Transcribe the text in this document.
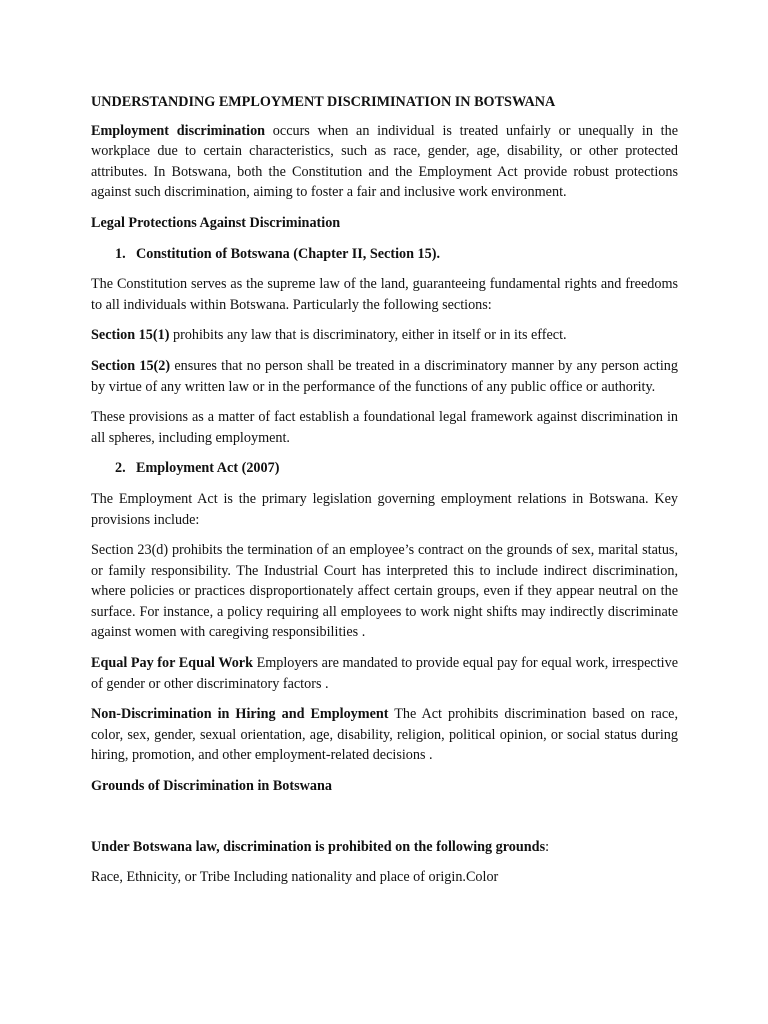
UNDERSTANDING EMPLOYMENT DISCRIMINATION IN BOTSWANA

Employment discrimination occurs when an individual is treated unfairly or unequally in the workplace due to certain characteristics, such as race, gender, age, disability, or other protected attributes. In Botswana, both the Constitution and the Employment Act provide robust protections against such discrimination, aiming to foster a fair and inclusive work environment.

Legal Protections Against Discrimination
1. Constitution of Botswana (Chapter II, Section 15).

The Constitution serves as the supreme law of the land, guaranteeing fundamental rights and freedoms to all individuals within Botswana. Particularly the following sections:

Section 15(1) prohibits any law that is discriminatory, either in itself or in its effect.

Section 15(2) ensures that no person shall be treated in a discriminatory manner by any person acting by virtue of any written law or in the performance of the functions of any public office or authority.

These provisions as a matter of fact establish a foundational legal framework against discrimination in all spheres, including employment.

2. Employment Act (2007)

The Employment Act is the primary legislation governing employment relations in Botswana. Key provisions include:

Section 23(d) prohibits the termination of an employee’s contract on the grounds of sex, marital status, or family responsibility. The Industrial Court has interpreted this to include indirect discrimination, where policies or practices disproportionately affect certain groups, even if they appear neutral on the surface. For instance, a policy requiring all employees to work night shifts may indirectly discriminate against women with caregiving responsibilities .

Equal Pay for Equal Work Employers are mandated to provide equal pay for equal work, irrespective of gender or other discriminatory factors .

Non-Discrimination in Hiring and Employment The Act prohibits discrimination based on race, color, sex, gender, sexual orientation, age, disability, religion, political opinion, or social status during hiring, promotion, and other employment-related decisions .

Grounds of Discrimination in Botswana

Under Botswana law, discrimination is prohibited on the following grounds:

Race, Ethnicity, or Tribe Including nationality and place of origin.Color
